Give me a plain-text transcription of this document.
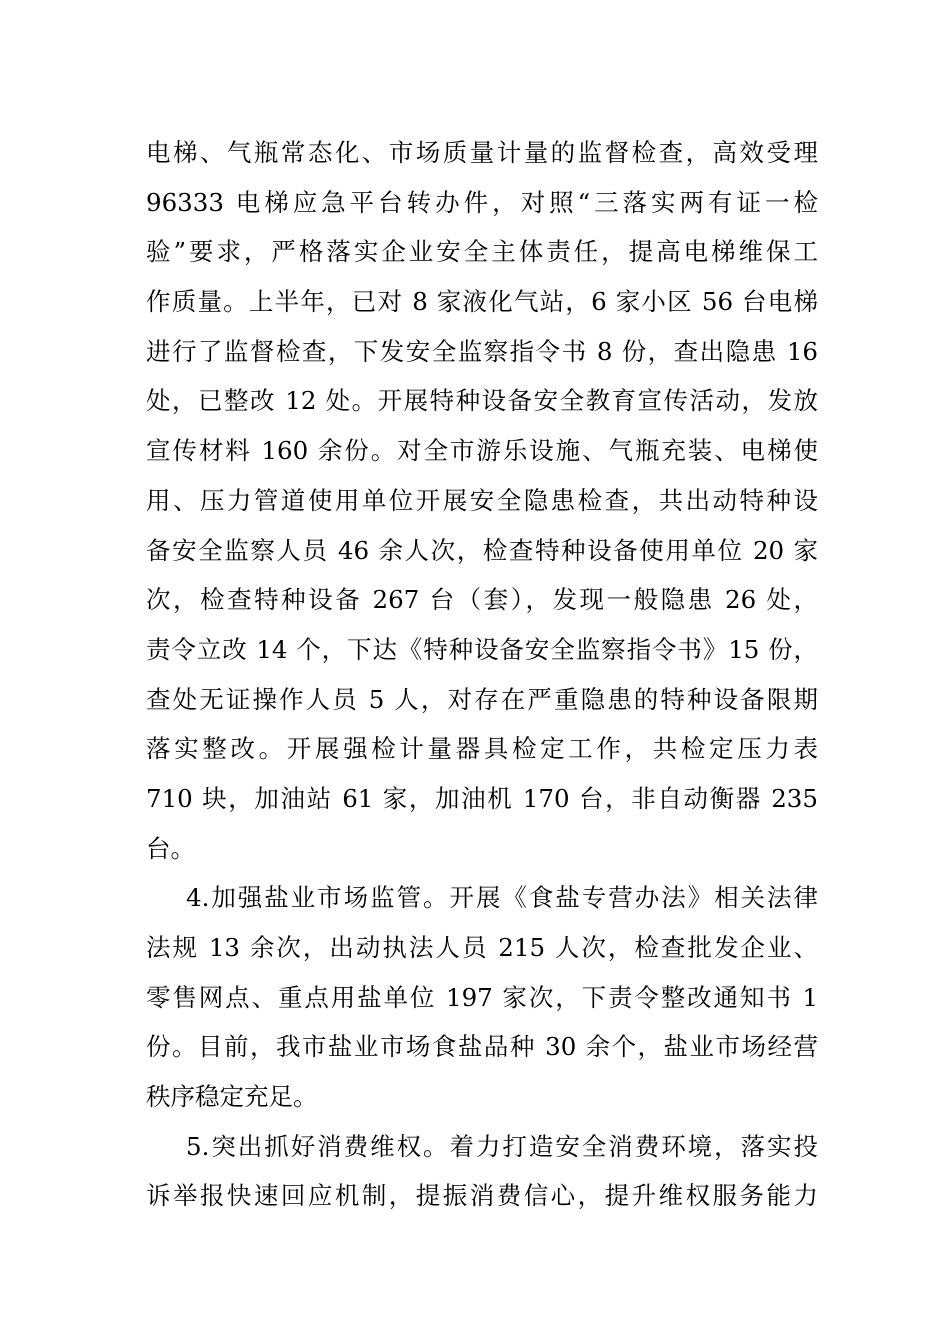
电梯、气瓶常态化、市场质量计量的监督检查，高效受理
96333 电梯应急平台转办件，对照“三落实两有证一检
验”要求，严格落实企业安全主体责任，提高电梯维保工
作质量。上半年，已对 8 家液化气站，6 家小区 56 台电梯
进行了监督检查，下发安全监察指令书 8 份，查出隐患 16
处，已整改 12 处。开展特种设备安全教育宣传活动，发放
宣传材料 160 余份。对全市游乐设施、气瓶充装、电梯使
用、压力管道使用单位开展安全隐患检查，共出动特种设
备安全监察人员 46 余人次，检查特种设备使用单位 20 家
次，检查特种设备 267 台（套），发现一般隐患 26 处，
责令立改 14 个，下达《特种设备安全监察指令书》15 份，
查处无证操作人员 5 人，对存在严重隐患的特种设备限期
落实整改。开展强检计量器具检定工作，共检定压力表
710 块，加油站 61 家，加油机 170 台，非自动衡器 235
台。
4.加强盐业市场监管。开展《食盐专营办法》相关法律
法规 13 余次，出动执法人员 215 人次，检查批发企业、
零售网点、重点用盐单位 197 家次，下责令整改通知书 1
份。目前，我市盐业市场食盐品种 30 余个，盐业市场经营
秩序稳定充足。
5.突出抓好消费维权。着力打造安全消费环境，落实投
诉举报快速回应机制，提振消费信心，提升维权服务能力
